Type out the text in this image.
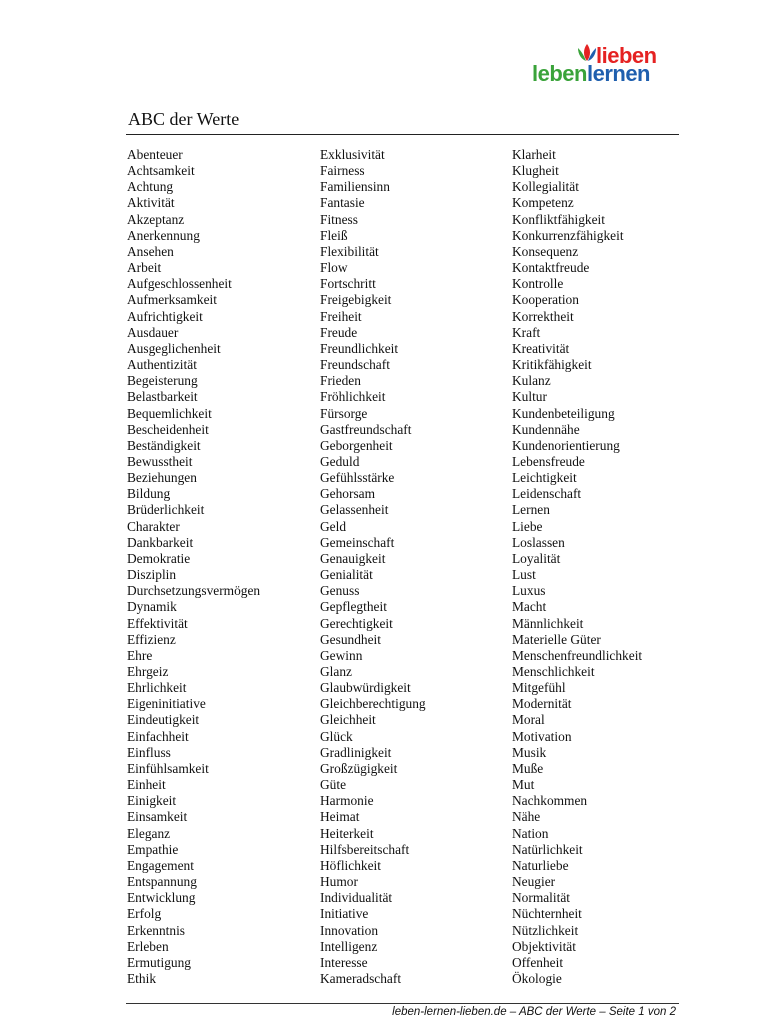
lieben
lebenlernen
ABC der Werte
Abenteuer
Achtsamkeit
Achtung
Aktivität
Akzeptanz
Anerkennung
Ansehen
Arbeit
Aufgeschlossenheit
Aufmerksamkeit
Aufrichtigkeit
Ausdauer
Ausgeglichenheit
Authentizität
Begeisterung
Belastbarkeit
Bequemlichkeit
Bescheidenheit
Beständigkeit
Bewusstheit
Beziehungen
Bildung
Brüderlichkeit
Charakter
Dankbarkeit
Demokratie
Disziplin
Durchsetzungsvermögen
Dynamik
Effektivität
Effizienz
Ehre
Ehrgeiz
Ehrlichkeit
Eigeninitiative
Eindeutigkeit
Einfachheit
Einfluss
Einfühlsamkeit
Einheit
Einigkeit
Einsamkeit
Eleganz
Empathie
Engagement
Entspannung
Entwicklung
Erfolg
Erkenntnis
Erleben
Ermutigung
Ethik
Exklusivität
Fairness
Familiensinn
Fantasie
Fitness
Fleiß
Flexibilität
Flow
Fortschritt
Freigebigkeit
Freiheit
Freude
Freundlichkeit
Freundschaft
Frieden
Fröhlichkeit
Fürsorge
Gastfreundschaft
Geborgenheit
Geduld
Gefühlsstärke
Gehorsam
Gelassenheit
Geld
Gemeinschaft
Genauigkeit
Genialität
Genuss
Gepflegtheit
Gerechtigkeit
Gesundheit
Gewinn
Glanz
Glaubwürdigkeit
Gleichberechtigung
Gleichheit
Glück
Gradlinigkeit
Großzügigkeit
Güte
Harmonie
Heimat
Heiterkeit
Hilfsbereitschaft
Höflichkeit
Humor
Individualität
Initiative
Innovation
Intelligenz
Interesse
Kameradschaft
Klarheit
Klugheit
Kollegialität
Kompetenz
Konfliktfähigkeit
Konkurrenzfähigkeit
Konsequenz
Kontaktfreude
Kontrolle
Kooperation
Korrektheit
Kraft
Kreativität
Kritikfähigkeit
Kulanz
Kultur
Kundenbeteiligung
Kundennähe
Kundenorientierung
Lebensfreude
Leichtigkeit
Leidenschaft
Lernen
Liebe
Loslassen
Loyalität
Lust
Luxus
Macht
Männlichkeit
Materielle Güter
Menschenfreundlichkeit
Menschlichkeit
Mitgefühl
Modernität
Moral
Motivation
Musik
Muße
Mut
Nachkommen
Nähe
Nation
Natürlichkeit
Naturliebe
Neugier
Normalität
Nüchternheit
Nützlichkeit
Objektivität
Offenheit
Ökologie
leben-lernen-lieben.de – ABC der Werte – Seite 1 von 2
